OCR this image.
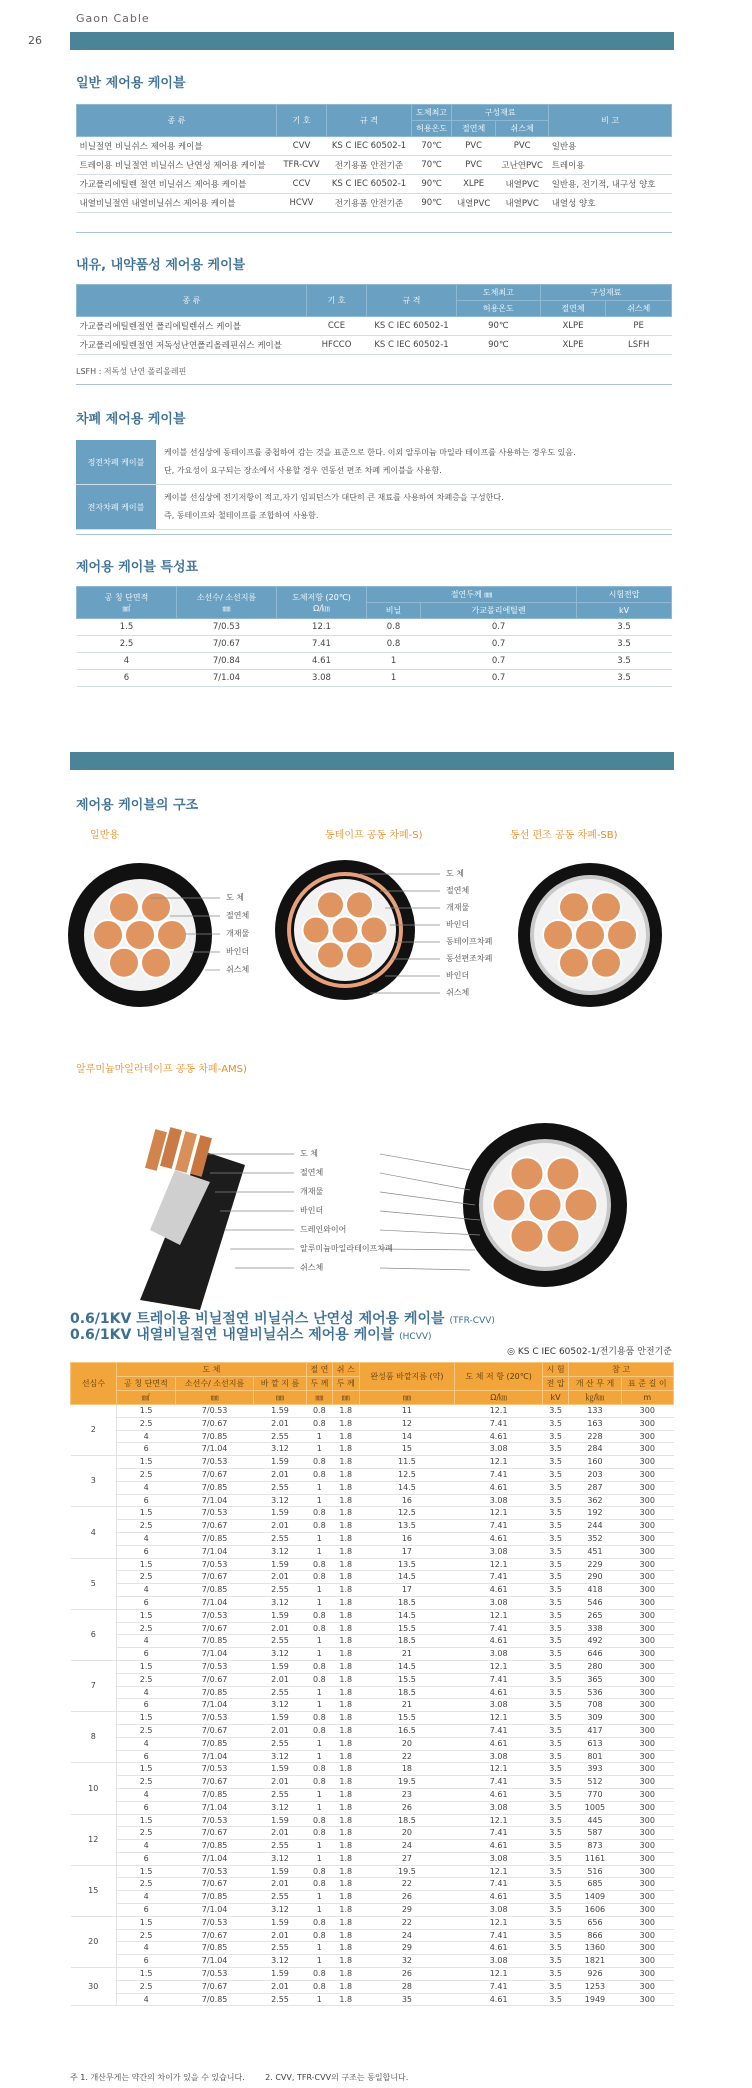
26
Gaon Cable
일반 제어용 케이블
종 류	기 호	규 격	도체최고	구성재료		비 고
			허용온도	절연체	쉬스체	
비닐절연 비닐쉬스 제어용 케이블	CVV	KS C IEC 60502-1	70℃	PVC	PVC	일반용
트레이용 비닐절연 비닐쉬스 난연성 제어용 케이블	TFR-CVV	전기용품 안전기준	70℃	PVC	고난연PVC	트레이용
가교폴리에틸렌 절연 비닐쉬스 제어용 케이블	CCV	KS C IEC 60502-1	90℃	XLPE	내열PVC	일반용, 전기적, 내구성 양호
내열비닐절연 내열비닐쉬스 제어용 케이블	HCVV	전기용품 안전기준	90℃	내열PVC	내열PVC	내열성 양호
내유, 내약품성 제어용 케이블
종 류	기 호	규 격	도체최고	구성재료	
			허용온도	절연체	쉬스체
가교폴리에틸렌절연 폴리에틸렌쉬스 케이블	CCE	KS C IEC 60502-1	90℃	XLPE	PE
가교폴리에틸렌절연 저독성난연폴리올레핀쉬스 케이블	HFCCO	KS C IEC 60502-1	90℃	XLPE	LSFH
LSFH : 저독성 난연 폴리올레핀
차폐 제어용 케이블
정전차폐 케이블
케이블 선심상에 동테이프를 중첩하여 감는 것을 표준으로 한다. 이외 알루미늄 마일라 테이프를 사용하는 경우도 있음.
단, 가요성이 요구되는 장소에서 사용할 경우 연동선 편조 차폐 케이블을 사용함.
전자차폐 케이블
케이블 선심상에 전기저항이 적고,자기 임피던스가 대단히 큰 재료를 사용하여 차폐층을 구성한다.
즉, 동테이프와 철테이프를 조합하여 사용함.
제어용 케이블 특성표
공 칭 단면적
㎟	소선수/ 소선지름
㎜	도체저항 (20℃)
Ω/㎞	절연두께 ㎜		시험전압
			비닐	가교폴리에틸렌	kV
1.5	7/0.53	12.1	0.8	0.7	3.5
2.5	7/0.67	7.41	0.8	0.7	3.5
4	7/0.84	4.61	1	0.7	3.5
6	7/1.04	3.08	1	0.7	3.5
제어용 케이블의 구조
일반용	동테이프 공동 차폐-S)	동선 편조 공동 차폐-SB)
도 체
절연체
개재물
바인더
쉬스체
도 체
절연체
개재물
바인더
동테이프차폐
동선편조차폐
바인더
쉬스체
알루미늄마일라테이프 공동 차폐-AMS)
도 체
절연체
개재물
바인더
드레인와이어
알루미늄마일라테이프차폐
쉬스체
0.6/1KV 트레이용 비닐절연 비닐쉬스 난연성 제어용 케이블 (TFR-CVV)
0.6/1KV 내열비닐절연 내열비닐쉬스 제어용 케이블 (HCVV)
◎ KS C IEC 60502-1/전기용품 안전기준
선심수	도 체			절 연	쉬 스	완성품 바깥지름 (약)	도 체 저 항 (20℃)	시 험	참 고	
	공 칭 단면적	소선수/ 소선지름	바 깥 지 름	두 께	두 께			전 압	개 산 무 게	표 준 길 이
	㎟	㎜	㎜	㎜	㎜	㎜	Ω/㎞	kV	㎏/㎞	m
2	1.5	7/0.53	1.59	0.8	1.8	11	12.1	3.5	133	300
	2.5	7/0.67	2.01	0.8	1.8	12	7.41	3.5	163	300
	4	7/0.85	2.55	1	1.8	14	4.61	3.5	228	300
	6	7/1.04	3.12	1	1.8	15	3.08	3.5	284	300
3	1.5	7/0.53	1.59	0.8	1.8	11.5	12.1	3.5	160	300
	2.5	7/0.67	2.01	0.8	1.8	12.5	7.41	3.5	203	300
	4	7/0.85	2.55	1	1.8	14.5	4.61	3.5	287	300
	6	7/1.04	3.12	1	1.8	16	3.08	3.5	362	300
4	1.5	7/0.53	1.59	0.8	1.8	12.5	12.1	3.5	192	300
	2.5	7/0.67	2.01	0.8	1.8	13.5	7.41	3.5	244	300
	4	7/0.85	2.55	1	1.8	16	4.61	3.5	352	300
	6	7/1.04	3.12	1	1.8	17	3.08	3.5	451	300
5	1.5	7/0.53	1.59	0.8	1.8	13.5	12.1	3.5	229	300
	2.5	7/0.67	2.01	0.8	1.8	14.5	7.41	3.5	290	300
	4	7/0.85	2.55	1	1.8	17	4.61	3.5	418	300
	6	7/1.04	3.12	1	1.8	18.5	3.08	3.5	546	300
6	1.5	7/0.53	1.59	0.8	1.8	14.5	12.1	3.5	265	300
	2.5	7/0.67	2.01	0.8	1.8	15.5	7.41	3.5	338	300
	4	7/0.85	2.55	1	1.8	18.5	4.61	3.5	492	300
	6	7/1.04	3.12	1	1.8	21	3.08	3.5	646	300
7	1.5	7/0.53	1.59	0.8	1.8	14.5	12.1	3.5	280	300
	2.5	7/0.67	2.01	0.8	1.8	15.5	7.41	3.5	365	300
	4	7/0.85	2.55	1	1.8	18.5	4.61	3.5	536	300
	6	7/1.04	3.12	1	1.8	21	3.08	3.5	708	300
8	1.5	7/0.53	1.59	0.8	1.8	15.5	12.1	3.5	309	300
	2.5	7/0.67	2.01	0.8	1.8	16.5	7.41	3.5	417	300
	4	7/0.85	2.55	1	1.8	20	4.61	3.5	613	300
	6	7/1.04	3.12	1	1.8	22	3.08	3.5	801	300
10	1.5	7/0.53	1.59	0.8	1.8	18	12.1	3.5	393	300
	2.5	7/0.67	2.01	0.8	1.8	19.5	7.41	3.5	512	300
	4	7/0.85	2.55	1	1.8	23	4.61	3.5	770	300
	6	7/1.04	3.12	1	1.8	26	3.08	3.5	1005	300
12	1.5	7/0.53	1.59	0.8	1.8	18.5	12.1	3.5	445	300
	2.5	7/0.67	2.01	0.8	1.8	20	7.41	3.5	587	300
	4	7/0.85	2.55	1	1.8	24	4.61	3.5	873	300
	6	7/1.04	3.12	1	1.8	27	3.08	3.5	1161	300
15	1.5	7/0.53	1.59	0.8	1.8	19.5	12.1	3.5	516	300
	2.5	7/0.67	2.01	0.8	1.8	22	7.41	3.5	685	300
	4	7/0.85	2.55	1	1.8	26	4.61	3.5	1409	300
	6	7/1.04	3.12	1	1.8	29	3.08	3.5	1606	300
20	1.5	7/0.53	1.59	0.8	1.8	22	12.1	3.5	656	300
	2.5	7/0.67	2.01	0.8	1.8	24	7.41	3.5	866	300
	4	7/0.85	2.55	1	1.8	29	4.61	3.5	1360	300
	6	7/1.04	3.12	1	1.8	32	3.08	3.5	1821	300
30	1.5	7/0.53	1.59	0.8	1.8	26	12.1	3.5	926	300
	2.5	7/0.67	2.01	0.8	1.8	28	7.41	3.5	1253	300
	4	7/0.85	2.55	1	1.8	35	4.61	3.5	1949	300
주 1. 개산무게는 약간의 차이가 있을 수 있습니다.	2. CVV, TFR-CVV의 구조는 동일합니다.
